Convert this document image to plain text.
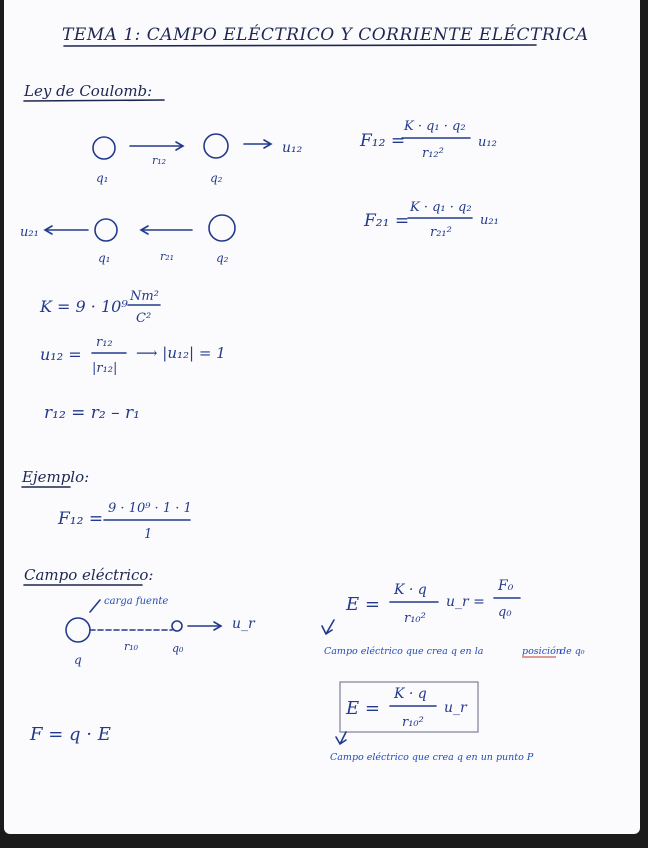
TEMA 1: CAMPO ELÉCTRICO Y CORRIENTE ELÉCTRICA
Ley de Coulomb:
q₁
r₁₂
q₂
u₁₂	F₁₂ =
K · q₁ · q₂
r₁₂²
u₁₂
u₂₁
q₁	r₂₁	q₂
F₂₁ =
K · q₁ · q₂
r₂₁²
u₂₁
K = 9 · 10⁹
Nm²
C²
u₁₂ =
r₁₂
|r₁₂|
⟶ |u₁₂| = 1
r₁₂ = r₂ – r₁
Ejemplo:
F₁₂ =
9 · 10⁹ · 1 · 1
1
Campo eléctrico:
carga fuente
q
r₁₀	q₀
u_r
E =
K · q
r₁₀²
u_r =
F₀
q₀
Campo eléctrico que crea q en la	posición
de q₀
E =
K · q
r₁₀²
u_r
Campo eléctrico que crea q en un punto P
F = q · E
